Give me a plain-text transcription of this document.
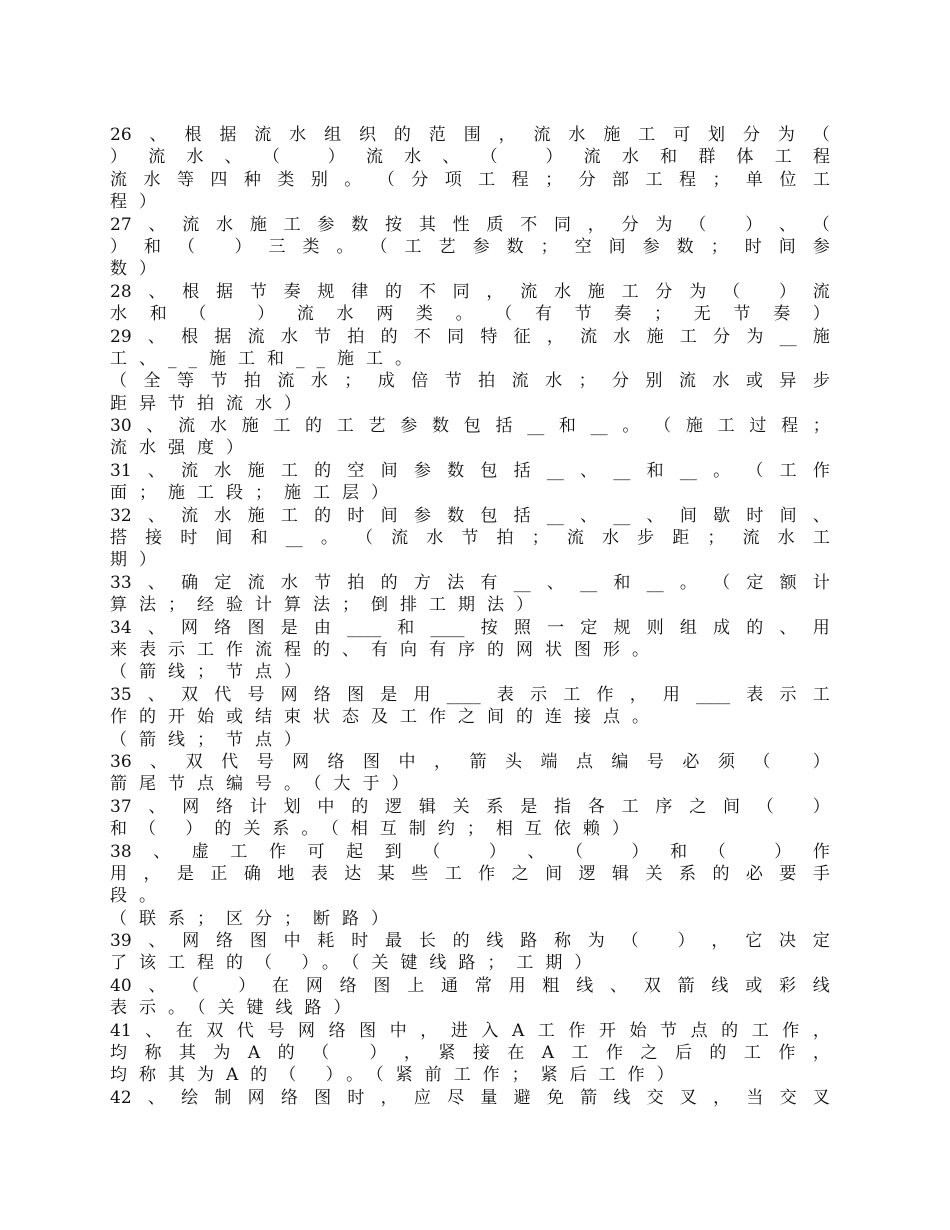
26 、 根 据 流 水 组 织 的 范 围 ， 流 水 施 工 可 划 分 为 （
） 流 水 、 （
	） 流 水 、 （
	） 流 水 和 群 体 工 程
流 水 等 四 种 类 别 。 （ 分 项 工 程 ； 分 部 工 程 ； 单 位 工
程）
27 、 流 水 施 工 参 数 按 其 性 质 不 同 ， 分 为 （
） 、 （
） 和 （
） 三 类 。 （ 工 艺 参 数 ； 空 间 参 数 ； 时 间 参
数）
28 、 根 据 节 奏 规 律 的 不 同 ， 流 水 施 工 分 为 （
） 流
水 和 （
	） 流 水 两 类 。 （ 有 节 奏 ； 无 节 奏 ）
29 、 根 据 流 水 节 拍 的 不 同 特 征 ， 流 水 施 工 分 为 __ 施
工、__施工和__施工。
（ 全 等 节 拍 流 水 ； 成 倍 节 拍 流 水 ； 分 别 流 水 或 异 步
距异节拍流水）
30 、 流 水 施 工 的 工 艺 参 数 包 括 __ 和 __ 。 （ 施 工 过 程 ；
流水强度）
31 、 流 水 施 工 的 空 间 参 数 包 括 __ 、 __ 和 __ 。 （ 工 作
面；施工段；施工层）
32 、 流 水 施 工 的 时 间 参 数 包 括 __ 、 __ 、 间 歇 时 间 、
搭 接 时 间 和 __ 。 （ 流 水 节 拍 ； 流 水 步 距 ； 流 水 工
期）
33 、 确 定 流 水 节 拍 的 方 法 有 __ 、 __ 和 __ 。 （ 定 额 计
算法；经验计算法；倒排工期法）
34 、 网 络 图 是 由 ____ 和 ____ 按 照 一 定 规 则 组 成 的 、 用
来表示工作流程的、有向有序的网状图形。
（箭线；节点）
35 、 双 代 号 网 络 图 是 用 ____ 表 示 工 作 ， 用 ____ 表 示 工
作的开始或结束状态及工作之间的连接点。
（箭线；节点）
36 、 双 代 号 网 络 图 中 ， 箭 头 端 点 编 号 必 须 （
）
箭尾节点编号。（大于）
37 、 网 络 计 划 中 的 逻 辑 关 系 是 指 各 工 序 之 间 （
）
和（ ）的关系。（相互制约；相互依赖）
38 、 虚 工 作 可 起 到 （
	） 、 （
	） 和 （
	） 作
用 ， 是 正 确 地 表 达 某 些 工 作 之 间 逻 辑 关 系 的 必 要 手
段。
（联系；区分；断路）
39 、 网 络 图 中 耗 时 最 长 的 线 路 称 为 （
） ， 它 决 定
了该工程的（ ）。（关键线路；工期）
40 、 （
） 在 网 络 图 上 通 常 用 粗 线 、 双 箭 线 或 彩 线
表示。（关键线路）
41 、 在 双 代 号 网 络 图 中 ， 进 入 A 工 作 开 始 节 点 的 工 作 ，
均 称 其 为 A 的 （
） ， 紧 接 在 A 工 作 之 后 的 工 作 ，
均称其为A的（ ）。（紧前工作；紧后工作）
42 、 绘 制 网 络 图 时 ， 应 尽 量 避 免 箭 线 交 叉 ， 当 交 叉
